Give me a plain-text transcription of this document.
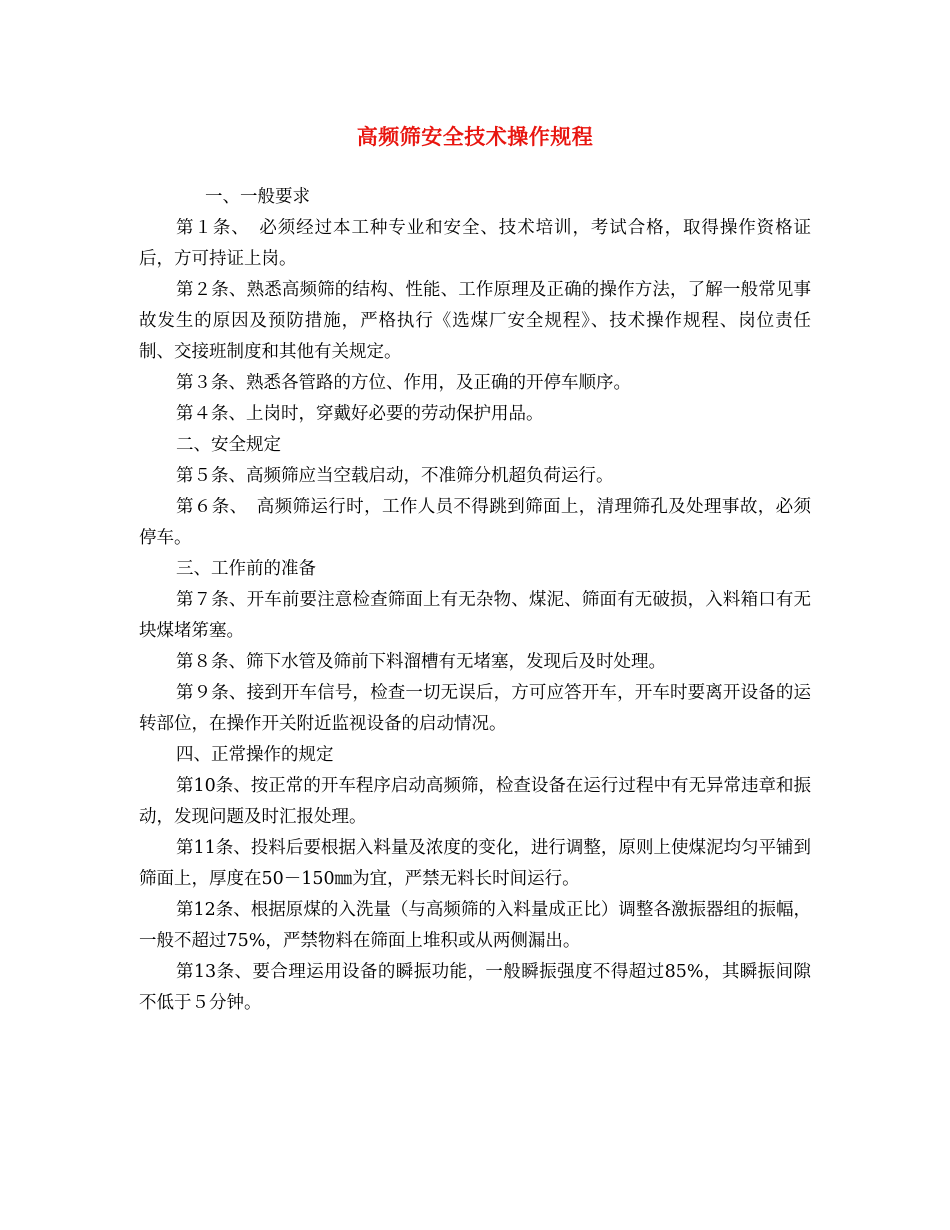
高频筛安全技术操作规程

一、一般要求

第１条、　必须经过本工种专业和安全、技术培训，考试合格，取得操作资格证后，方可持证上岗。

第２条、熟悉高频筛的结构、性能、工作原理及正确的操作方法，了解一般常见事故发生的原因及预防措施，严格执行《选煤厂安全规程》、技术操作规程、岗位责任制、交接班制度和其他有关规定。

第３条、熟悉各管路的方位、作用，及正确的开停车顺序。

第４条、上岗时，穿戴好必要的劳动保护用品。

二、安全规定

第５条、高频筛应当空载启动，不准筛分机超负荷运行。

第６条、　高频筛运行时，工作人员不得跳到筛面上，清理筛孔及处理事故，必须停车。

三、工作前的准备

第７条、开车前要注意检查筛面上有无杂物、煤泥、筛面有无破损，入料箱口有无块煤堵笫塞。

第８条、筛下水管及筛前下料溜槽有无堵塞，发现后及时处理。

第９条、接到开车信号，检查一切无误后，方可应答开车，开车时要离开设备的运转部位，在操作开关附近监视设备的启动情况。

四、正常操作的规定

第10条、按正常的开车程序启动高频筛，检查设备在运行过程中有无异常违章和振动，发现问题及时汇报处理。

第11条、投料后要根据入料量及浓度的变化，进行调整，原则上使煤泥均匀平铺到筛面上，厚度在50－150㎜为宜，严禁无料长时间运行。

第12条、根据原煤的入洗量（与高频筛的入料量成正比）调整各激振器组的振幅，一般不超过75%，严禁物料在筛面上堆积或从两侧漏出。

第13条、要合理运用设备的瞬振功能，一般瞬振强度不得超过85%，其瞬振间隙不低于５分钟。
